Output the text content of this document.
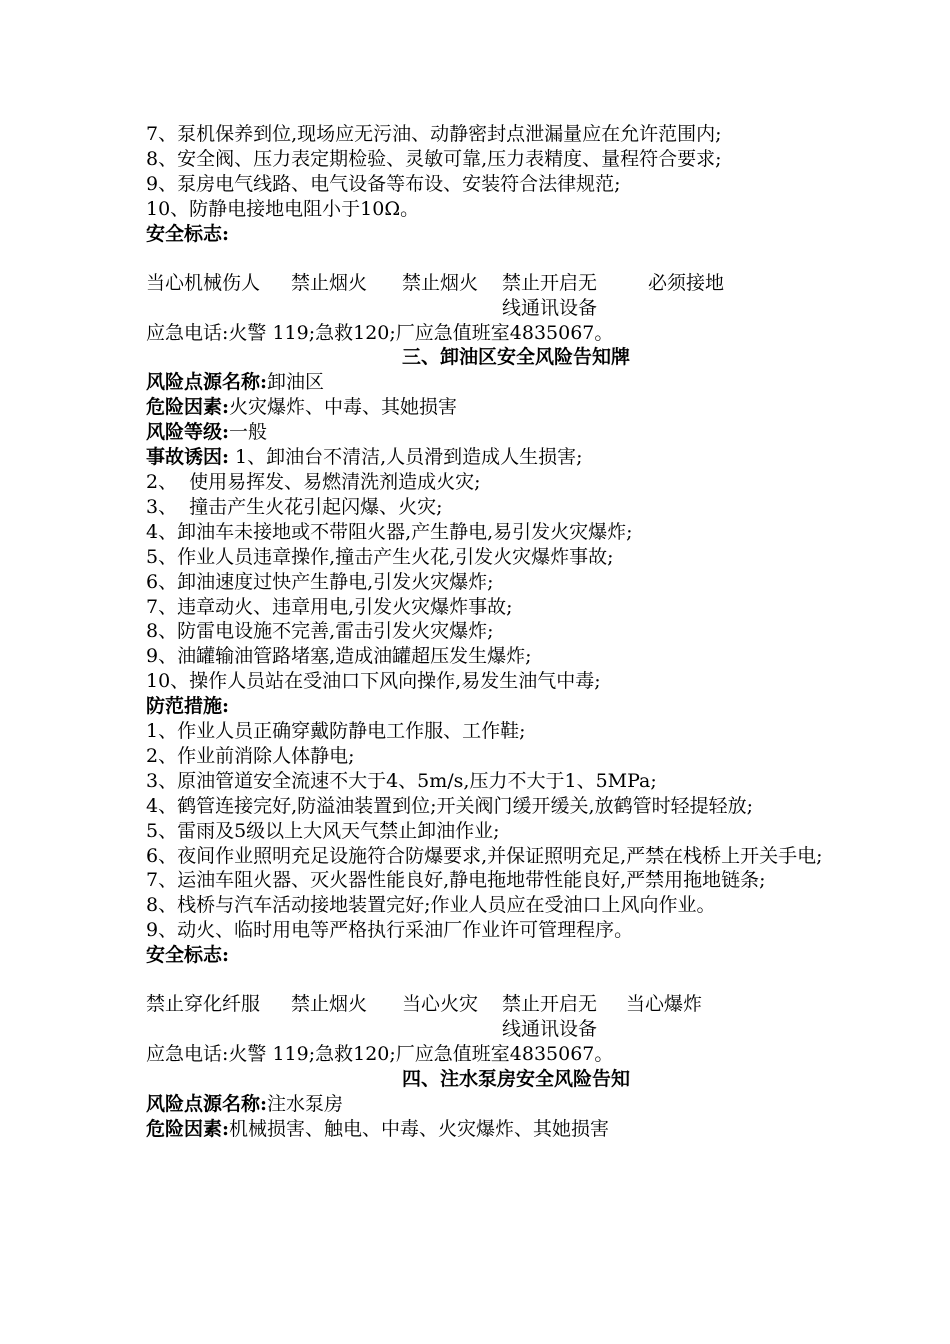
7、泵机保养到位,现场应无污油、动静密封点泄漏量应在允许范围内;
8、安全阀、压力表定期检验、灵敏可靠,压力表精度、量程符合要求;
9、泵房电气线路、电气设备等布设、安装符合法律规范;
10、防静电接地电阻小于10Ω。
安全标志:
当心机械伤人 禁止烟火 禁止烟火 禁止开启无	必须接地
线通讯设备
应急电话:火警 119;急救120;厂应急值班室4835067。
三、卸油区安全风险告知牌
风险点源名称:卸油区
危险因素:火灾爆炸、中毒、其她损害
风险等级:一般
事故诱因: 1、卸油台不清洁,人员滑到造成人生损害;
2、  使用易挥发、易燃清洗剂造成火灾;
3、  撞击产生火花引起闪爆、火灾;
4、卸油车未接地或不带阻火器,产生静电,易引发火灾爆炸;
5、作业人员违章操作,撞击产生火花,引发火灾爆炸事故;
6、卸油速度过快产生静电,引发火灾爆炸;
7、违章动火、违章用电,引发火灾爆炸事故;
8、防雷电设施不完善,雷击引发火灾爆炸;
9、油罐输油管路堵塞,造成油罐超压发生爆炸;
10、操作人员站在受油口下风向操作,易发生油气中毒;
防范措施:
1、作业人员正确穿戴防静电工作服、工作鞋;
2、作业前消除人体静电;
3、原油管道安全流速不大于4、5m/s,压力不大于1、5MPa;
4、鹤管连接完好,防溢油装置到位;开关阀门缓开缓关,放鹤管时轻提轻放;
5、雷雨及5级以上大风天气禁止卸油作业;
6、夜间作业照明充足设施符合防爆要求,并保证照明充足,严禁在栈桥上开关手电;
7、运油车阻火器、灭火器性能良好,静电拖地带性能良好,严禁用拖地链条;
8、栈桥与汽车活动接地装置完好;作业人员应在受油口上风向作业。
9、动火、临时用电等严格执行采油厂作业许可管理程序。
安全标志:
禁止穿化纤服 禁止烟火 当心火灾 禁止开启无 当心爆炸
线通讯设备
应急电话:火警 119;急救120;厂应急值班室4835067。
四、注水泵房安全风险告知
风险点源名称:注水泵房
危险因素:机械损害、触电、中毒、火灾爆炸、其她损害
